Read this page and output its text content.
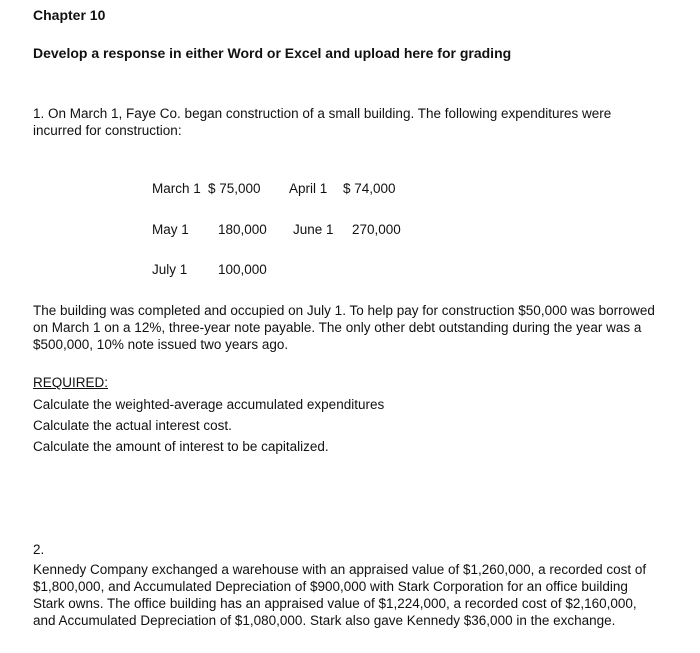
Chapter 10
Develop a response in either Word or Excel and upload here for grading
1. On March 1, Faye Co. began construction of a small building. The following expenditures were incurred for construction:
March 1 $ 75,000 April 1 $ 74,000
May 1 180,000 June 1 270,000
July 1 100,000
The building was completed and occupied on July 1. To help pay for construction $50,000 was borrowed on March 1 on a 12%, three-year note payable. The only other debt outstanding during the year was a $500,000, 10% note issued two years ago.
REQUIRED:
Calculate the weighted-average accumulated expenditures
Calculate the actual interest cost.
Calculate the amount of interest to be capitalized.
2.
Kennedy Company exchanged a warehouse with an appraised value of $1,260,000, a recorded cost of $1,800,000, and Accumulated Depreciation of $900,000 with Stark Corporation for an office building Stark owns. The office building has an appraised value of $1,224,000, a recorded cost of $2,160,000, and Accumulated Depreciation of $1,080,000. Stark also gave Kennedy $36,000 in the exchange.
